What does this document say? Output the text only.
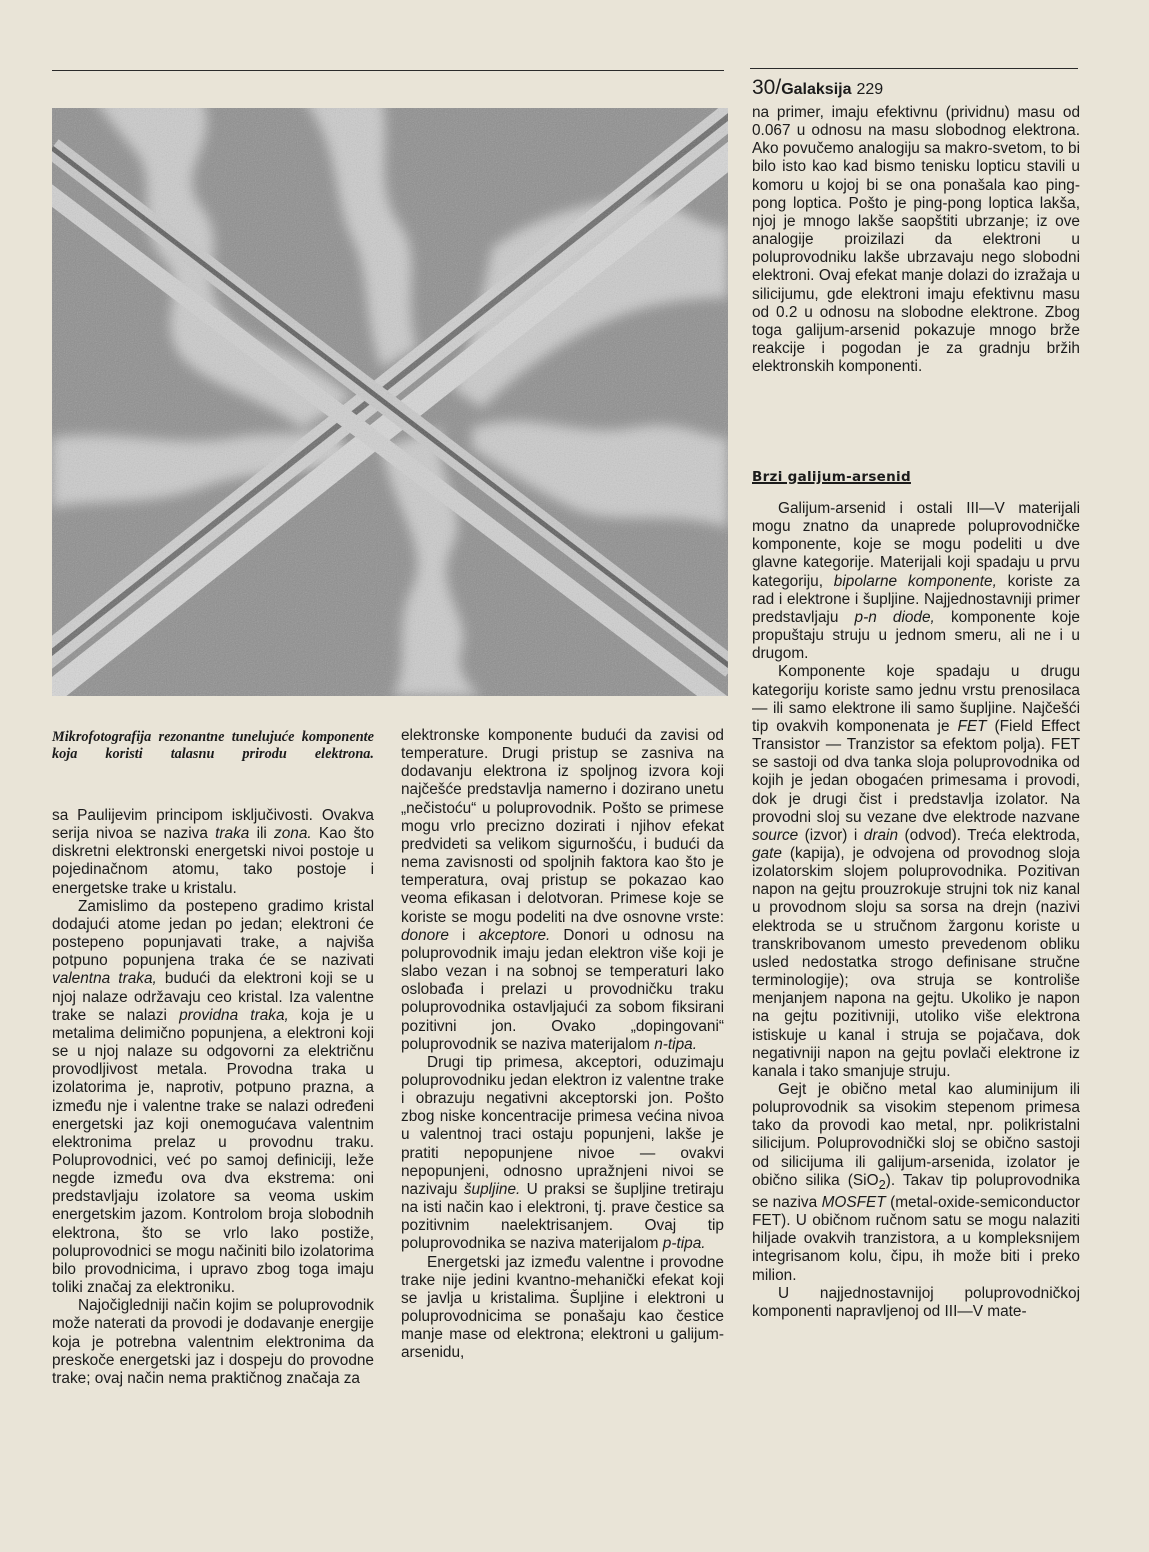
30/Galaksija 229
Mikrofotografija rezonantne tunelujuće komponente koja koristi talasnu prirodu elektrona.

sa Paulijevim principom isključivosti. Ovakva serija nivoa se naziva traka ili zona. Kao što diskretni elektronski energetski nivoi postoje u pojedinačnom atomu, tako postoje i energetske trake u kristalu.

Zamislimo da postepeno gradimo kristal dodajući atome jedan po jedan; elektroni će postepeno popunjavati trake, a najviša potpuno popunjena traka će se nazivati valentna traka, budući da elektroni koji se u njoj nalaze održavaju ceo kristal. Iza valentne trake se nalazi providna traka, koja je u metalima delimično popunjena, a elektroni koji se u njoj nalaze su odgovorni za električnu provodljivost metala. Provodna traka u izolatorima je, naprotiv, potpuno prazna, a između nje i valentne trake se nalazi određeni energetski jaz koji onemogućava valentnim elektronima prelaz u provodnu traku. Poluprovodnici, već po samoj definiciji, leže negde između ova dva ekstrema: oni predstavljaju izolatore sa veoma uskim energetskim jazom. Kontrolom broja slobodnih elektrona, što se vrlo lako postiže, poluprovodnici se mogu načiniti bilo izolatorima bilo provodnicima, i upravo zbog toga imaju toliki značaj za elektroniku.

Najočigledniji način kojim se poluprovodnik može naterati da provodi je dodavanje energije koja je potrebna valentnim elektronima da preskoče energetski jaz i dospeju do provodne trake; ovaj način nema praktičnog značaja za

elektronske komponente budući da zavisi od temperature. Drugi pristup se zasniva na dodavanju elektrona iz spoljnog izvora koji najčešće predstavlja namerno i dozirano unetu „nečistoću“ u poluprovodnik. Pošto se primese mogu vrlo precizno dozirati i njihov efekat predvideti sa velikom sigurnošću, i budući da nema zavisnosti od spoljnih faktora kao što je temperatura, ovaj pristup se pokazao kao veoma efikasan i delotvoran. Primese koje se koriste se mogu podeliti na dve osnovne vrste: donore i akceptore. Donori u odnosu na poluprovodnik imaju jedan elektron više koji je slabo vezan i na sobnoj se temperaturi lako oslobađa i prelazi u provodničku traku poluprovodnika ostavljajući za sobom fiksirani pozitivni jon. Ovako „dopingovani“ poluprovodnik se naziva materijalom n-tipa.

Drugi tip primesa, akceptori, oduzimaju poluprovodniku jedan elektron iz valentne trake i obrazuju negativni akceptorski jon. Pošto zbog niske koncentracije primesa većina nivoa u valentnoj traci ostaju popunjeni, lakše je pratiti nepopunjene nivoe — ovakvi nepopunjeni, odnosno upražnjeni nivoi se nazivaju šupljine. U praksi se šupljine tretiraju na isti način kao i elektroni, tj. prave čestice sa pozitivnim naelektrisanjem. Ovaj tip poluprovodnika se naziva materijalom p-tipa.

Energetski jaz između valentne i provodne trake nije jedini kvantno-mehanički efekat koji se javlja u kristalima. Šupljine i elektroni u poluprovodnicima se ponašaju kao čestice manje mase od elektrona; elektroni u galijum-arsenidu,

na primer, imaju efektivnu (prividnu) masu od 0.067 u odnosu na masu slobodnog elektrona. Ako povučemo analogiju sa makro-svetom, to bi bilo isto kao kad bismo tenisku lopticu stavili u komoru u kojoj bi se ona ponašala kao ping-pong loptica. Pošto je ping-pong loptica lakša, njoj je mnogo lakše saopštiti ubrzanje; iz ove analogije proizilazi da elektroni u poluprovodniku lakše ubrzavaju nego slobodni elektroni. Ovaj efekat manje dolazi do izražaja u silicijumu, gde elektroni imaju efektivnu masu od 0.2 u odnosu na slobodne elektrone. Zbog toga galijum-arsenid pokazuje mnogo brže reakcije i pogodan je za gradnju bržih elektronskih komponenti.

Brzi galijum-arsenid

Galijum-arsenid i ostali III—V materijali mogu znatno da unaprede poluprovodničke komponente, koje se mogu podeliti u dve glavne kategorije. Materijali koji spadaju u prvu kategoriju, bipolarne komponente, koriste za rad i elektrone i šupljine. Najjednostavniji primer predstavljaju p-n diode, komponente koje propuštaju struju u jednom smeru, ali ne i u drugom.

Komponente koje spadaju u drugu kategoriju koriste samo jednu vrstu prenosilaca — ili samo elektrone ili samo šupljine. Najčešći tip ovakvih komponenata je FET (Field Effect Transistor — Tranzistor sa efektom polja). FET se sastoji od dva tanka sloja poluprovodnika od kojih je jedan obogaćen primesama i provodi, dok je drugi čist i predstavlja izolator. Na provodni sloj su vezane dve elektrode nazvane source (izvor) i drain (odvod). Treća elektroda, gate (kapija), je odvojena od provodnog sloja izolatorskim slojem poluprovodnika. Pozitivan napon na gejtu prouzrokuje strujni tok niz kanal u provodnom sloju sa sorsa na drejn (nazivi elektroda se u stručnom žargonu koriste u transkribovanom umesto prevedenom obliku usled nedostatka strogo definisane stručne terminologije); ova struja se kontroliše menjanjem napona na gejtu. Ukoliko je napon na gejtu pozitivniji, utoliko više elektrona istiskuje u kanal i struja se pojačava, dok negativniji napon na gejtu povlači elektrone iz kanala i tako smanjuje struju.

Gejt je obično metal kao aluminijum ili poluprovodnik sa visokim stepenom primesa tako da provodi kao metal, npr. polikristalni silicijum. Poluprovodnički sloj se obično sastoji od silicijuma ili galijum-arsenida, izolator je obično silika (SiO$_2$). Takav tip poluprovodnika se naziva MOSFET (metal-oxide-semiconductor FET). U običnom ručnom satu se mogu nalaziti hiljade ovakvih tranzistora, a u kompleksnijem integrisanom kolu, čipu, ih može biti i preko milion.

U najjednostavnijoj poluprovodničkoj komponenti napravljenoj od III—V mate-
